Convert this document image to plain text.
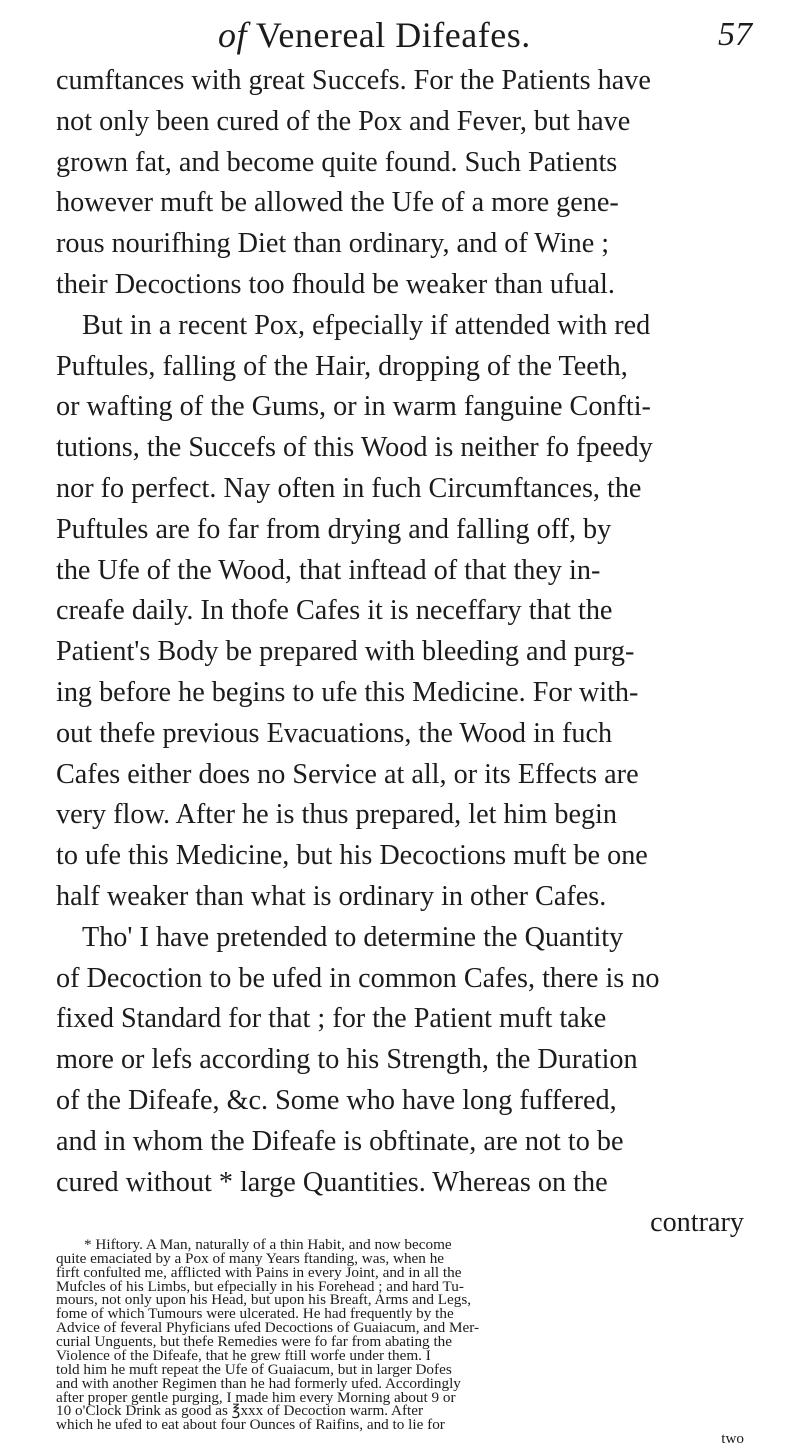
of Venereal Difeafes.	57
cumftances with great Succefs. For the Patients have
not only been cured of the Pox and Fever, but have
grown fat, and become quite found. Such Patients
however muft be allowed the Ufe of a more gene-
rous nourifhing Diet than ordinary, and of Wine ;
their Decoctions too fhould be weaker than ufual.
But in a recent Pox, efpecially if attended with red
Puftules, falling of the Hair, dropping of the Teeth,
or wafting of the Gums, or in warm fanguine Confti-
tutions, the Succefs of this Wood is neither fo fpeedy
nor fo perfect. Nay often in fuch Circumftances, the
Puftules are fo far from drying and falling off, by
the Ufe of the Wood, that inftead of that they in-
creafe daily. In thofe Cafes it is neceffary that the
Patient's Body be prepared with bleeding and purg-
ing before he begins to ufe this Medicine. For with-
out thefe previous Evacuations, the Wood in fuch
Cafes either does no Service at all, or its Effects are
very flow. After he is thus prepared, let him begin
to ufe this Medicine, but his Decoctions muft be one
half weaker than what is ordinary in other Cafes.
Tho' I have pretended to determine the Quantity
of Decoction to be ufed in common Cafes, there is no
fixed Standard for that ; for the Patient muft take
more or lefs according to his Strength, the Duration
of the Difeafe, &c. Some who have long fuffered,
and in whom the Difeafe is obftinate, are not to be
cured without * large Quantities. Whereas on the
contrary
* Hiftory. A Man, naturally of a thin Habit, and now become
quite emaciated by a Pox of many Years ftanding, was, when he
firft confulted me, afflicted with Pains in every Joint, and in all the
Mufcles of his Limbs, but efpecially in his Forehead ; and hard Tu-
mours, not only upon his Head, but upon his Breaft, Arms and Legs,
fome of which Tumours were ulcerated. He had frequently by the
Advice of feveral Phyficians ufed Decoctions of Guaiacum, and Mer-
curial Unguents, but thefe Remedies were fo far from abating the
Violence of the Difeafe, that he grew ftill worfe under them. I
told him he muft repeat the Ufe of Guaiacum, but in larger Dofes
and with another Regimen than he had formerly ufed. Accordingly
after proper gentle purging, I made him every Morning about 9 or
10 o'Clock Drink as good as ℥xxx of Decoction warm. After
which he ufed to eat about four Ounces of Raifins, and to lie for
two
